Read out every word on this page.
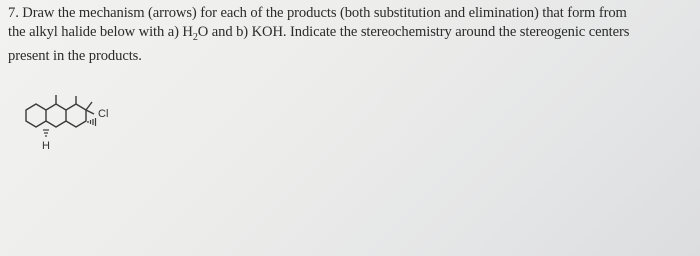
7. Draw the mechanism (arrows) for each of the products (both substitution and elimination) that form from
the alkyl halide below with a) $H_2O$ and b) KOH. Indicate the stereochemistry around the stereogenic centers
present in the products.
Cl
H
